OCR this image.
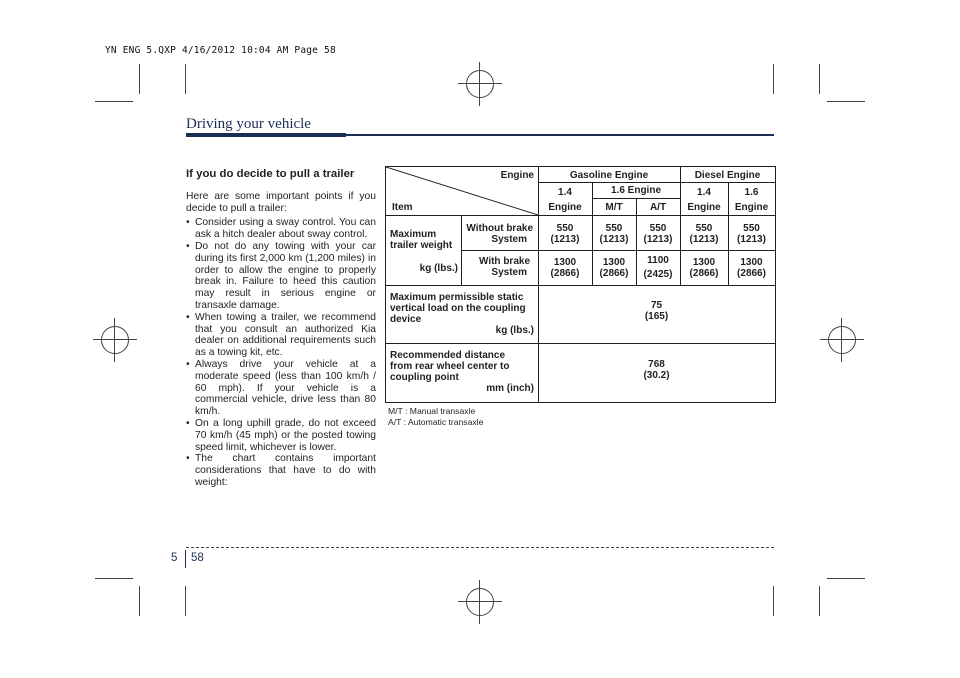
YN ENG 5.QXP 4/16/2012 10:04 AM Page 58
Driving your vehicle
If you do decide to pull a trailer

Here are some important points if you decide to pull a trailer:

• Consider using a sway control. You can ask a hitch dealer about sway control.
• Do not do any towing with your car during its first 2,000 km (1,200 miles) in order to allow the engine to properly break in. Failure to heed this caution may result in serious engine or transaxle damage.
• When towing a trailer, we recommend that you consult an authorized Kia dealer on additional requirements such as a towing kit, etc.
• Always drive your vehicle at a moderate speed (less than 100 km/h / 60 mph). If your vehicle is a commercial vehicle, drive less than 80 km/h.
• On a long uphill grade, do not exceed 70 km/h (45 mph) or the posted towing speed limit, whichever is lower.
• The chart contains important considerations that have to do with weight:
Engine
Item
Gasoline Engine	Diesel Engine
1.4
Engine
1.6 Engine
M/T	A/T
1.4
Engine
1.6
Engine
Maximum
trailer weight
kg (lbs.)
Without brake
System
With brake
System
550
(1213)
550
(1213)
550
(1213)
550
(1213)
550
(1213)
1300
(2866)
1300
(2866)
1100
(2425)
1300
(2866)
1300
(2866)
Maximum permissible static
vertical load on the coupling
device
kg (lbs.)
75
(165)
Recommended distance
from rear wheel center to
coupling point
mm (inch)
768
(30.2)
M/T : Manual transaxle
A/T : Automatic transaxle
5 58
